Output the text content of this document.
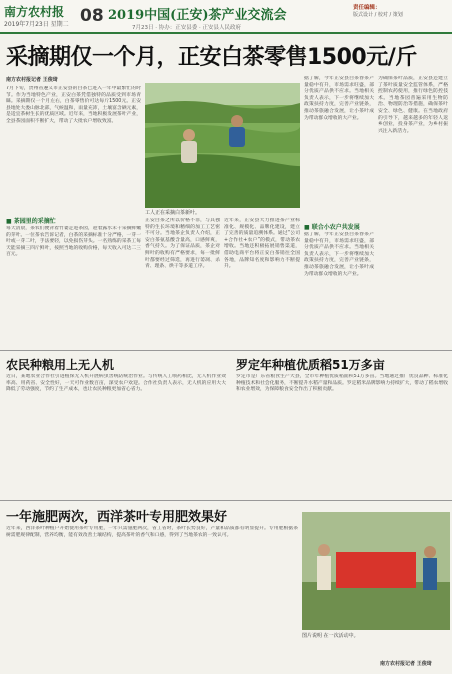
南方农村报
2019年7月23日 星期二 08 2019中国(正安)茶产业交流会
7月23日 · 协办：正安县委 · 正安县人民政府
责任编辑：
版式设计 / 校对 / 策划
采摘期仅一个月，正安白茶零售1500元/斤
南方农村报记者 王俊琦
7月下旬，贵州省遵义市正安县的白茶已进入一年中最繁忙的时节。作为当地特色产业，正安白茶凭借独特的品质受到市场青睐。采摘期仅一个月左右，白茶零售价可达每斤1500元。正安县地处大娄山脉北部，气候温和，雨量充沛，土壤富含硒元素，是适宜茶树生长的优质区域。近年来，当地积极发展茶叶产业，全县茶园面积不断扩大，带动了大批农户增收致富。
■ 茶园里的采摘忙
每天清晨，茶农们便背着竹篓走进茶园，趁着露水未干采摘鲜嫩的芽叶。一位茶农告诉记者，白茶的采摘标准十分严格，一芽一叶或一芽二叶，手法要轻，以免损伤芽头。一名熟练的采茶工每天能采摘三四斤鲜叶，按照当地的收购价格，每天收入可达二三百元。
工人正在采摘白茶新叶。
正安白茶之所以价格不菲，与其独特的生长环境和精细的加工工艺密不可分。当地茶企负责人介绍，正安白茶氨基酸含量高，口感鲜爽，香气持久。为了保证品质，茶企对鲜叶的收购有严格要求，每一批鲜叶都要经过筛选，再进行萎凋、杀青、理条、烘干等多道工序。
近年来，正安县大力推进茶产业标准化、规模化、品牌化建设，建立了完善的质量追溯体系。通过“公司+合作社+农户”的模式，带动茶农增收。当地还积极拓展销售渠道，借助电商平台将正安白茶销往全国各地，品牌知名度和影响力不断提升。
据了解，今年正安县白茶春茶产量稳中有升，市场需求旺盛，部分优质产品供不应求。当地相关负责人表示，下一步将继续加大政策扶持力度，完善产业链条，推动茶旅融合发展，让小茶叶成为带动群众增收的大产业。
■ 联合小农户共发展
据了解，今年正安县白茶春茶产量稳中有升，市场需求旺盛，部分优质产品供不应求。当地相关负责人表示，下一步将继续加大政策扶持力度，完善产业链条，推动茶旅融合发展，让小茶叶成为带动群众增收的大产业。
为确保茶叶品质，正安县还建立了茶叶质量安全监管体系，严格控制农药使用，推行绿色防控技术。当地茶园普遍采用生物防治、物理防治等措施，确保茶叶安全、绿色、健康。在当地政府的引导下，越来越多的年轻人返乡创业，投身茶产业，为乡村振兴注入新活力。
农民种粮用上无人机
近日，某地农业合作社引进植保无人机开展病虫害统防统治作业。与传统人工喷药相比，无人机作业效率高、用药省、安全性好，一天可作业数百亩，深受农户欢迎。合作社负责人表示，无人机的应用大大降低了劳动强度，节约了生产成本，也让农民种粮更加省心省力。
罗定年种植优质稻51万多亩
罗定市是广东省粮食生产大县，全市年种植优质稻面积51万多亩。当地通过推广优良品种、标准化种植技术和社会化服务，不断提升水稻产量和品质。罗定稻米品牌影响力持续扩大，带动了稻农增收和农业增效，为保障粮食安全作出了积极贡献。
一年施肥两次，西洋茶叶专用肥效果好
近年来，西洋茶叶种植户开始使用茶叶专用肥，一年只需施肥两次，省工省时，茶叶长势良好，产量和品质都有明显提升。专用肥根据茶树需肥规律配制，营养均衡，能有效改善土壤结构，提高茶叶的香气和口感，得到了当地茶农的一致认可。
图片说明 在一次活动中。
南方农村报记者 王俊琦
